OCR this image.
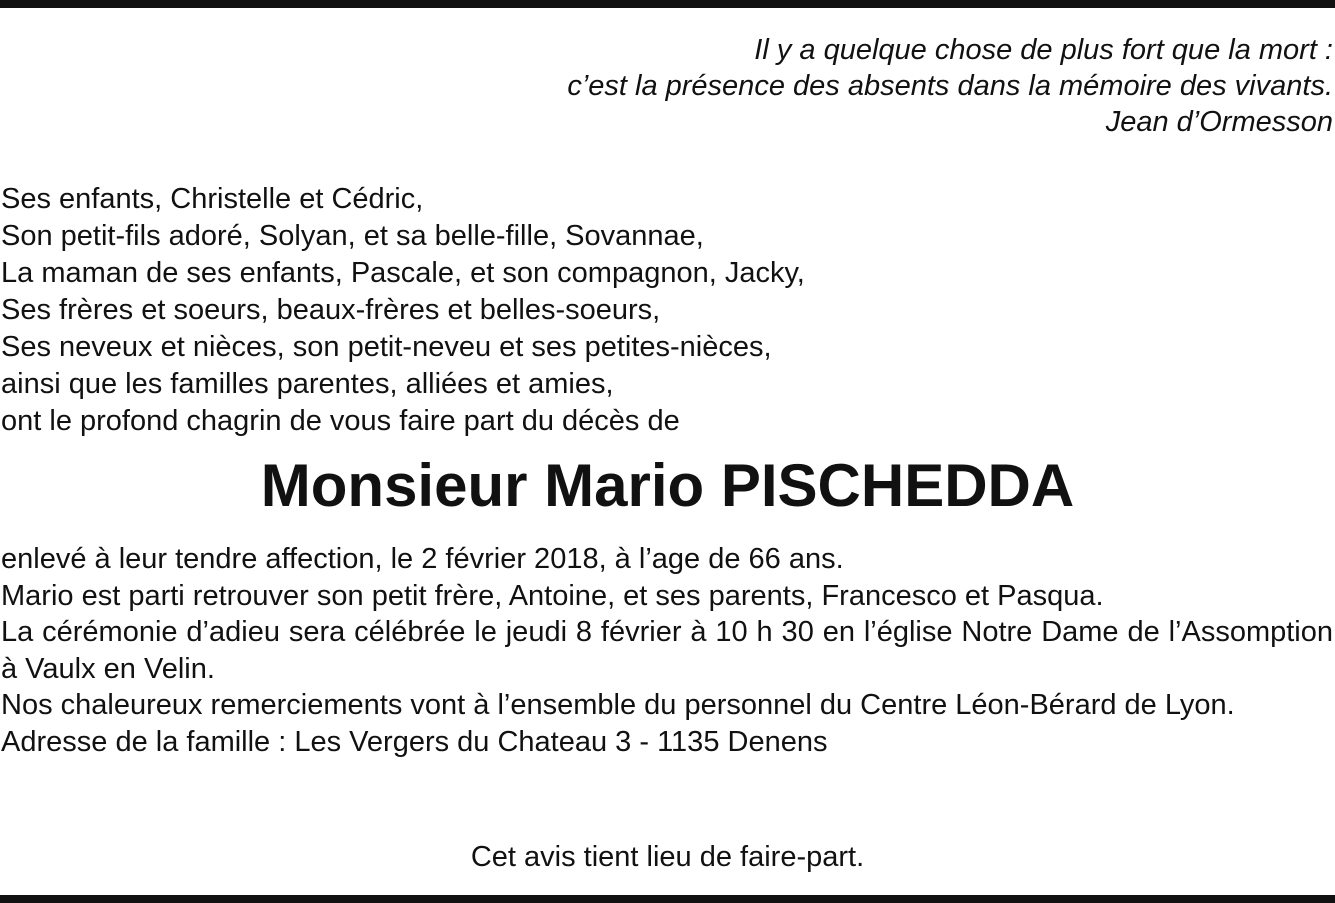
Il y a quelque chose de plus fort que la mort :
c’est la présence des absents dans la mémoire des vivants.
Jean d’Ormesson
Ses enfants, Christelle et Cédric,
Son petit-fils adoré, Solyan, et sa belle-fille, Sovannae,
La maman de ses enfants, Pascale, et son compagnon, Jacky,
Ses frères et soeurs, beaux-frères et belles-soeurs,
Ses neveux et nièces, son petit-neveu et ses petites-nièces,
ainsi que les familles parentes, alliées et amies,
ont le profond chagrin de vous faire part du décès de
Monsieur Mario PISCHEDDA
enlevé à leur tendre affection, le 2 février 2018, à l’age de 66 ans.
Mario est parti retrouver son petit frère, Antoine, et ses parents, Francesco et Pasqua.
La cérémonie d’adieu sera célébrée le jeudi 8 février à 10 h 30 en l’église Notre Dame de l’Assomption à Vaulx en Velin.
Nos chaleureux remerciements vont à l’ensemble du personnel du Centre Léon-Bérard de Lyon.
Adresse de la famille : Les Vergers du Chateau 3 - 1135 Denens
Cet avis tient lieu de faire-part.
